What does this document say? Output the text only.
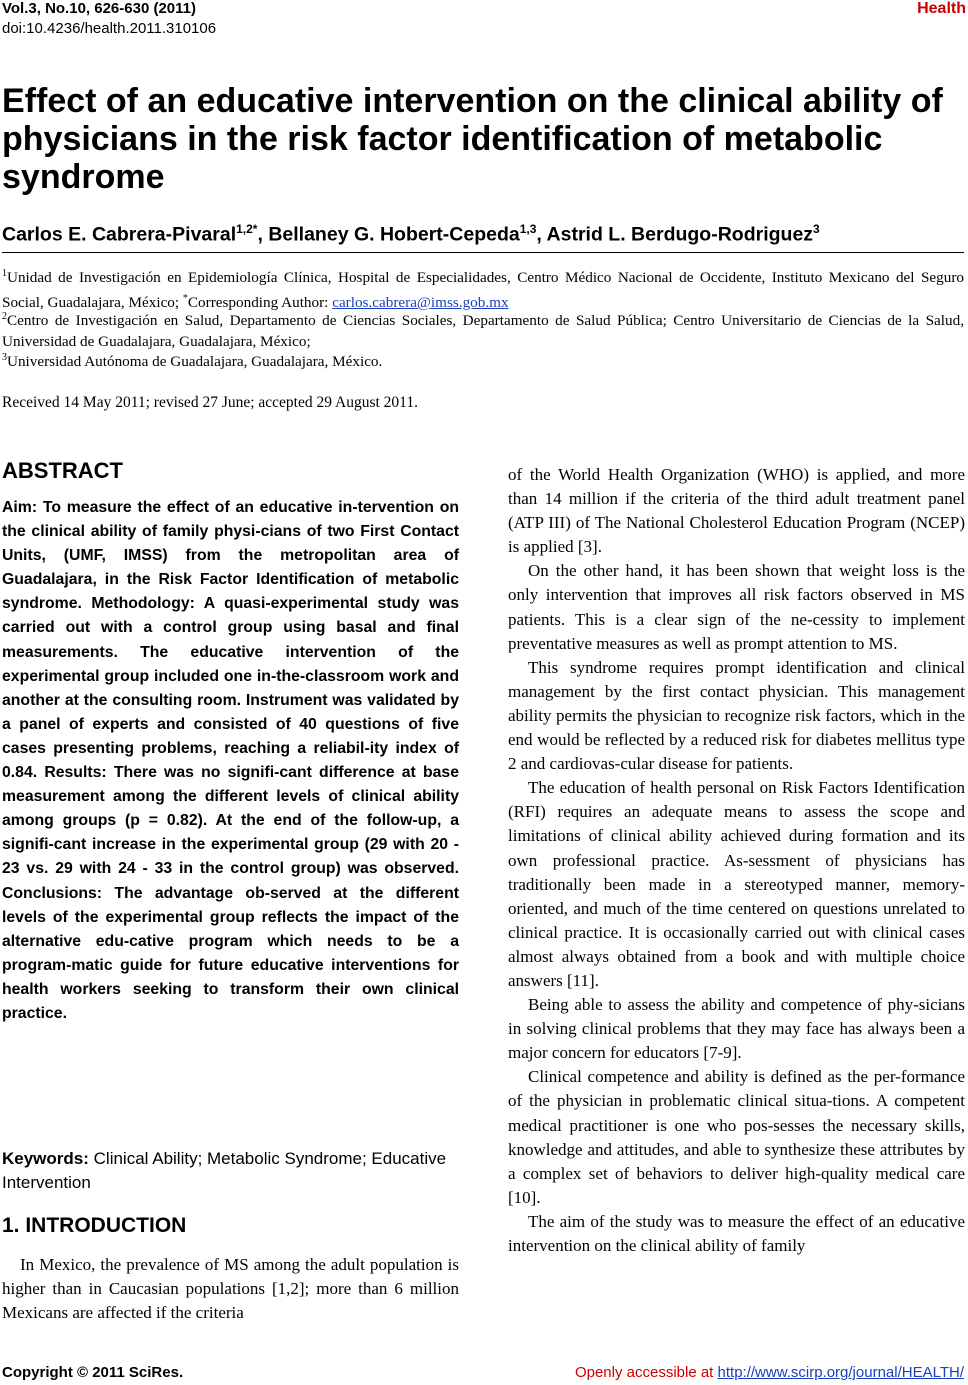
Vol.3, No.10, 626-630 (2011)
doi:10.4236/health.2011.310106
Health
Effect of an educative intervention on the clinical ability of physicians in the risk factor identification of metabolic syndrome
Carlos E. Cabrera-Pivaral$^{1,2*}$, Bellaney G. Hobert-Cepeda$^{1,3}$, Astrid L. Berdugo-Rodriguez$^3$
$^1$Unidad de Investigación en Epidemiología Clínica, Hospital de Especialidades, Centro Médico Nacional de Occidente, Instituto Mexicano del Seguro Social, Guadalajara, México; *Corresponding Author: carlos.cabrera@imss.gob.mx
$^2$Centro de Investigación en Salud, Departamento de Ciencias Sociales, Departamento de Salud Pública; Centro Universitario de Ciencias de la Salud, Universidad de Guadalajara, Guadalajara, México;
$^3$Universidad Autónoma de Guadalajara, Guadalajara, México.
Received 14 May 2011; revised 27 June; accepted 29 August 2011.
ABSTRACT

Aim: To measure the effect of an educative in-tervention on the clinical ability of family physi-cians of two First Contact Units, (UMF, IMSS) from the metropolitan area of Guadalajara, in the Risk Factor Identification of metabolic syndrome. Methodology: A quasi-experimental study was carried out with a control group using basal and final measurements. The educative intervention of the experimental group included one in-the-classroom work and another at the consulting room. Instrument was validated by a panel of experts and consisted of 40 questions of five cases presenting problems, reaching a reliabil-ity index of 0.84. Results: There was no signifi-cant difference at base measurement among the different levels of clinical ability among groups (p = 0.82). At the end of the follow-up, a signifi-cant increase in the experimental group (29 with 20 - 23 vs. 29 with 24 - 33 in the control group) was observed. Conclusions: The advantage ob-served at the different levels of the experimental group reflects the impact of the alternative edu-cative program which needs to be a program-matic guide for future educative interventions for health workers seeking to transform their own clinical practice.

Keywords: Clinical Ability; Metabolic Syndrome; Educative Intervention
1. INTRODUCTION

In Mexico, the prevalence of MS among the adult population is higher than in Caucasian populations [1,2]; more than 6 million Mexicans are affected if the criteria

of the World Health Organization (WHO) is applied, and more than 14 million if the criteria of the third adult treatment panel (ATP III) of The National Cholesterol Education Program (NCEP) is applied [3].

On the other hand, it has been shown that weight loss is the only intervention that improves all risk factors observed in MS patients. This is a clear sign of the ne-cessity to implement preventative measures as well as prompt attention to MS.

This syndrome requires prompt identification and clinical management by the first contact physician. This management ability permits the physician to recognize risk factors, which in the end would be reflected by a reduced risk for diabetes mellitus type 2 and cardiovas-cular disease for patients.

The education of health personal on Risk Factors Identification (RFI) requires an adequate means to assess the scope and limitations of clinical ability achieved during formation and its own professional practice. As-sessment of physicians has traditionally been made in a stereotyped manner, memory-oriented, and much of the time centered on questions unrelated to clinical practice. It is occasionally carried out with clinical cases almost always obtained from a book and with multiple choice answers [11].

Being able to assess the ability and competence of phy-sicians in solving clinical problems that they may face has always been a major concern for educators [7-9].

Clinical competence and ability is defined as the per-formance of the physician in problematic clinical situa-tions. A competent medical practitioner is one who pos-sesses the necessary skills, knowledge and attitudes, and able to synthesize these attributes by a complex set of behaviors to deliver high-quality medical care [10].

The aim of the study was to measure the effect of an educative intervention on the clinical ability of family

Copyright © 2011 SciRes.	Openly accessible at http://www.scirp.org/journal/HEALTH/
